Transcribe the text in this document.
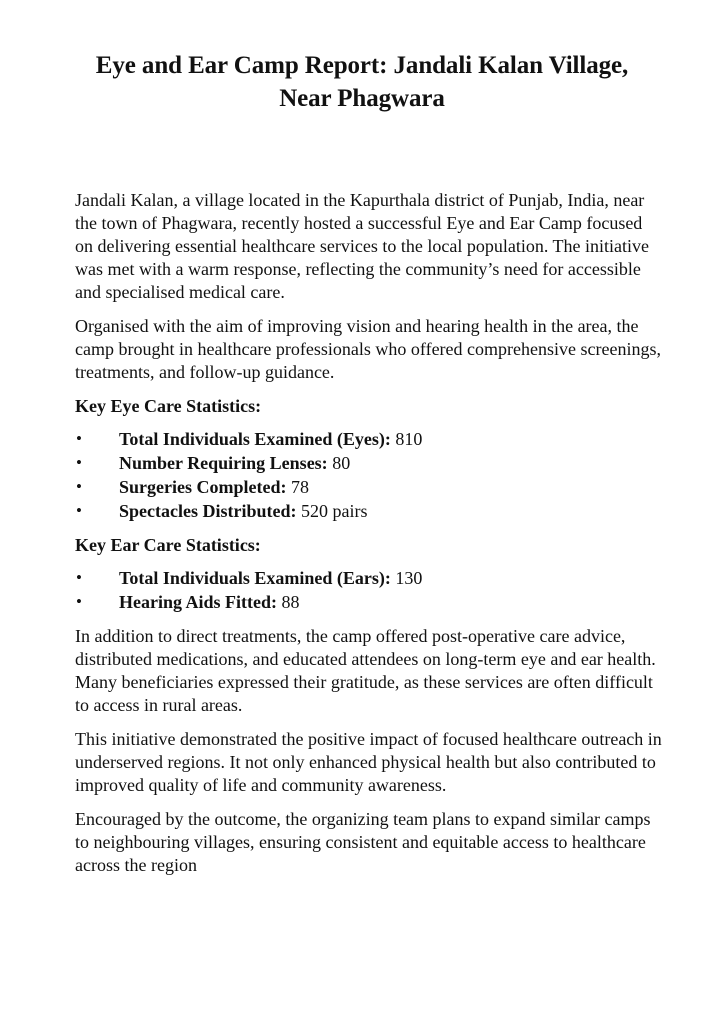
Eye and Ear Camp Report: Jandali Kalan Village,
Near Phagwara

Jandali Kalan, a village located in the Kapurthala district of Punjab, India, near the town of Phagwara, recently hosted a successful Eye and Ear Camp focused on delivering essential healthcare services to the local population. The initiative was met with a warm response, reflecting the community’s need for accessible and specialised medical care.

Organised with the aim of improving vision and hearing health in the area, the camp brought in healthcare professionals who offered comprehensive screenings, treatments, and follow-up guidance.

Key Eye Care Statistics:
• Total Individuals Examined (Eyes): 810
• Number Requiring Lenses: 80
• Surgeries Completed: 78
• Spectacles Distributed: 520 pairs
Key Ear Care Statistics:
• Total Individuals Examined (Ears): 130
• Hearing Aids Fitted: 88

In addition to direct treatments, the camp offered post-operative care advice, distributed medications, and educated attendees on long-term eye and ear health. Many beneficiaries expressed their gratitude, as these services are often difficult to access in rural areas.

This initiative demonstrated the positive impact of focused healthcare outreach in underserved regions. It not only enhanced physical health but also contributed to improved quality of life and community awareness.

Encouraged by the outcome, the organizing team plans to expand similar camps to neighbouring villages, ensuring consistent and equitable access to healthcare across the region
